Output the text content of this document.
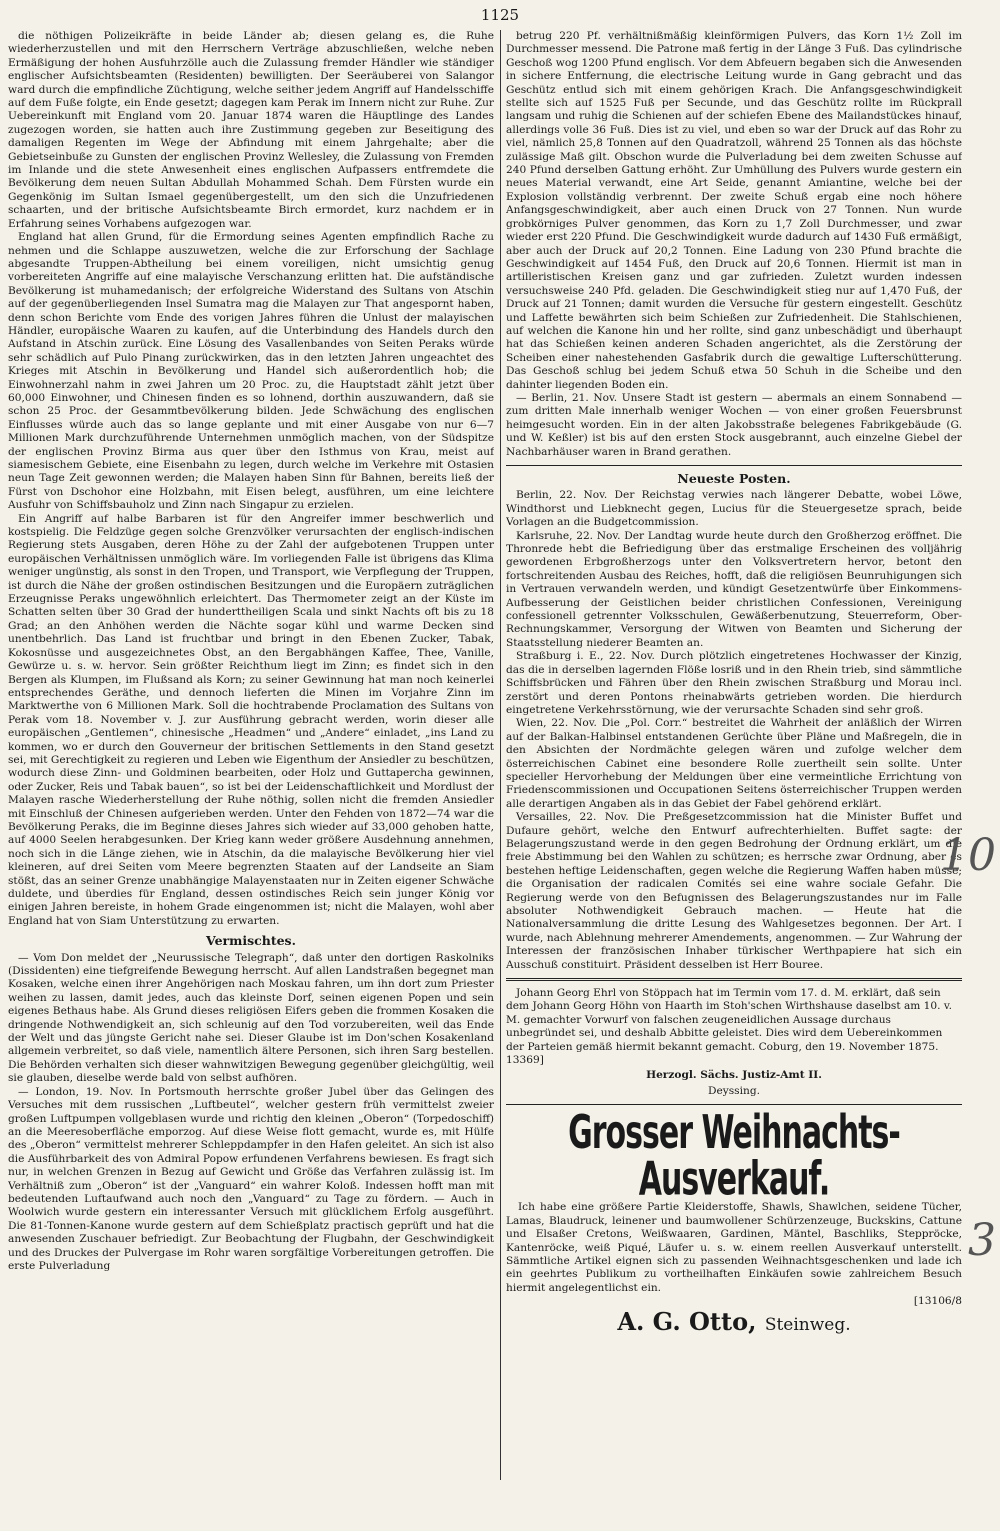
1125

die nöthigen Polizeikräfte in beide Länder ab; diesen gelang es, die Ruhe wiederherzustellen und mit den Herrschern Verträge abzuschließen, welche neben Ermäßigung der hohen Ausfuhrzölle auch die Zulassung fremder Händler wie ständiger englischer Aufsichtsbeamten (Residenten) bewilligten. Der Seeräuberei von Salangor ward durch die empfindliche Züchtigung, welche seither jedem Angriff auf Handelsschiffe auf dem Fuße folgte, ein Ende gesetzt; dagegen kam Perak im Innern nicht zur Ruhe. Zur Uebereinkunft mit England vom 20. Januar 1874 waren die Häuptlinge des Landes zugezogen worden, sie hatten auch ihre Zustimmung gegeben zur Beseitigung des damaligen Regenten im Wege der Abfindung mit einem Jahrgehalte; aber die Gebietseinbuße zu Gunsten der englischen Provinz Wellesley, die Zulassung von Fremden im Inlande und die stete Anwesenheit eines englischen Aufpassers entfremdete die Bevölkerung dem neuen Sultan Abdullah Mohammed Schah. Dem Fürsten wurde ein Gegenkönig im Sultan Ismael gegenübergestellt, um den sich die Unzufriedenen schaarten, und der britische Aufsichtsbeamte Birch ermordet, kurz nachdem er in Erfahrung seines Vorhabens aufgezogen war.

England hat allen Grund, für die Ermordung seines Agenten empfindlich Rache zu nehmen und die Schlappe auszuwetzen, welche die zur Erforschung der Sachlage abgesandte Truppen-Abtheilung bei einem voreiligen, nicht umsichtig genug vorbereiteten Angriffe auf eine malayische Verschanzung erlitten hat. Die aufständische Bevölkerung ist muhamedanisch; der erfolgreiche Widerstand des Sultans von Atschin auf der gegenüberliegenden Insel Sumatra mag die Malayen zur That angespornt haben, denn schon Berichte vom Ende des vorigen Jahres führen die Unlust der malayischen Händler, europäische Waaren zu kaufen, auf die Unterbindung des Handels durch den Aufstand in Atschin zurück. Eine Lösung des Vasallenbandes von Seiten Peraks würde sehr schädlich auf Pulo Pinang zurückwirken, das in den letzten Jahren ungeachtet des Krieges mit Atschin in Bevölkerung und Handel sich außerordentlich hob; die Einwohnerzahl nahm in zwei Jahren um 20 Proc. zu, die Hauptstadt zählt jetzt über 60,000 Einwohner, und Chinesen finden es so lohnend, dorthin auszuwandern, daß sie schon 25 Proc. der Gesammtbevölkerung bilden. Jede Schwächung des englischen Einflusses würde auch das so lange geplante und mit einer Ausgabe von nur 6—7 Millionen Mark durchzuführende Unternehmen unmöglich machen, von der Südspitze der englischen Provinz Birma aus quer über den Isthmus von Krau, meist auf siamesischem Gebiete, eine Eisenbahn zu legen, durch welche im Verkehre mit Ostasien neun Tage Zeit gewonnen werden; die Malayen haben Sinn für Bahnen, bereits ließ der Fürst von Dschohor eine Holzbahn, mit Eisen belegt, ausführen, um eine leichtere Ausfuhr von Schiffsbauholz und Zinn nach Singapur zu erzielen.

Ein Angriff auf halbe Barbaren ist für den Angreifer immer beschwerlich und kostspielig. Die Feldzüge gegen solche Grenzvölker verursachten der englisch-indischen Regierung stets Ausgaben, deren Höhe zu der Zahl der aufgebotenen Truppen unter europäischen Verhältnissen unmöglich wäre. Im vorliegenden Falle ist übrigens das Klima weniger ungünstig, als sonst in den Tropen, und Transport, wie Verpflegung der Truppen, ist durch die Nähe der großen ostindischen Besitzungen und die Europäern zuträglichen Erzeugnisse Peraks ungewöhnlich erleichtert. Das Thermometer zeigt an der Küste im Schatten selten über 30 Grad der hunderttheiligen Scala und sinkt Nachts oft bis zu 18 Grad; an den Anhöhen werden die Nächte sogar kühl und warme Decken sind unentbehrlich. Das Land ist fruchtbar und bringt in den Ebenen Zucker, Tabak, Kokosnüsse und ausgezeichnetes Obst, an den Bergabhängen Kaffee, Thee, Vanille, Gewürze u. s. w. hervor. Sein größter Reichthum liegt im Zinn; es findet sich in den Bergen als Klumpen, im Flußsand als Korn; zu seiner Gewinnung hat man noch keinerlei entsprechendes Geräthe, und dennoch lieferten die Minen im Vorjahre Zinn im Marktwerthe von 6 Millionen Mark. Soll die hochtrabende Proclamation des Sultans von Perak vom 18. November v. J. zur Ausführung gebracht werden, worin dieser alle europäischen „Gentlemen“, chinesische „Headmen“ und „Andere“ einladet, „ins Land zu kommen, wo er durch den Gouverneur der britischen Settlements in den Stand gesetzt sei, mit Gerechtigkeit zu regieren und Leben wie Eigenthum der Ansiedler zu beschützen, wodurch diese Zinn- und Goldminen bearbeiten, oder Holz und Guttapercha gewinnen, oder Zucker, Reis und Tabak bauen“, so ist bei der Leidenschaftlichkeit und Mordlust der Malayen rasche Wiederherstellung der Ruhe nöthig, sollen nicht die fremden Ansiedler mit Einschluß der Chinesen aufgerieben werden. Unter den Fehden von 1872—74 war die Bevölkerung Peraks, die im Beginne dieses Jahres sich wieder auf 33,000 gehoben hatte, auf 4000 Seelen herabgesunken. Der Krieg kann weder größere Ausdehnung annehmen, noch sich in die Länge ziehen, wie in Atschin, da die malayische Bevölkerung hier viel kleineren, auf drei Seiten vom Meere begrenzten Staaten auf der Landseite an Siam stößt, das an seiner Grenze unabhängige Malayenstaaten nur in Zeiten eigener Schwäche duldete, und überdies für England, dessen ostindisches Reich sein junger König vor einigen Jahren bereiste, in hohem Grade eingenommen ist; nicht die Malayen, wohl aber England hat von Siam Unterstützung zu erwarten.

Vermischtes.

— Vom Don meldet der „Neurussische Telegraph“, daß unter den dortigen Raskolniks (Dissidenten) eine tiefgreifende Bewegung herrscht. Auf allen Landstraßen begegnet man Kosaken, welche einen ihrer Angehörigen nach Moskau fahren, um ihn dort zum Priester weihen zu lassen, damit jedes, auch das kleinste Dorf, seinen eigenen Popen und sein eigenes Bethaus habe. Als Grund dieses religiösen Eifers geben die frommen Kosaken die dringende Nothwendigkeit an, sich schleunig auf den Tod vorzubereiten, weil das Ende der Welt und das jüngste Gericht nahe sei. Dieser Glaube ist im Don'schen Kosakenland allgemein verbreitet, so daß viele, namentlich ältere Personen, sich ihren Sarg bestellen. Die Behörden verhalten sich dieser wahnwitzigen Bewegung gegenüber gleichgültig, weil sie glauben, dieselbe werde bald von selbst aufhören.

— London, 19. Nov. In Portsmouth herrschte großer Jubel über das Gelingen des Versuches mit dem russischen „Luftbeutel“, welcher gestern früh vermittelst zweier großen Luftpumpen vollgeblasen wurde und richtig den kleinen „Oberon“ (Torpedoschiff) an die Meeresoberfläche emporzog. Auf diese Weise flott gemacht, wurde es, mit Hülfe des „Oberon“ vermittelst mehrerer Schleppdampfer in den Hafen geleitet. An sich ist also die Ausführbarkeit des von Admiral Popow erfundenen Verfahrens bewiesen. Es fragt sich nur, in welchen Grenzen in Bezug auf Gewicht und Größe das Verfahren zulässig ist. Im Verhältniß zum „Oberon“ ist der „Vanguard“ ein wahrer Koloß. Indessen hofft man mit bedeutenden Luftaufwand auch noch den „Vanguard“ zu Tage zu fördern. — Auch in Woolwich wurde gestern ein interessanter Versuch mit glücklichem Erfolg ausgeführt. Die 81-Tonnen-Kanone wurde gestern auf dem Schießplatz practisch geprüft und hat die anwesenden Zuschauer befriedigt. Zur Beobachtung der Flugbahn, der Geschwindigkeit und des Druckes der Pulvergase im Rohr waren sorgfältige Vorbereitungen getroffen. Die erste Pulverladung

betrug 220 Pf. verhältnißmäßig kleinförmigen Pulvers, das Korn 1½ Zoll im Durchmesser messend. Die Patrone maß fertig in der Länge 3 Fuß. Das cylindrische Geschoß wog 1200 Pfund englisch. Vor dem Abfeuern begaben sich die Anwesenden in sichere Entfernung, die electrische Leitung wurde in Gang gebracht und das Geschütz entlud sich mit einem gehörigen Krach. Die Anfangsgeschwindigkeit stellte sich auf 1525 Fuß per Secunde, und das Geschütz rollte im Rückprall langsam und ruhig die Schienen auf der schiefen Ebene des Mailandstückes hinauf, allerdings volle 36 Fuß. Dies ist zu viel, und eben so war der Druck auf das Rohr zu viel, nämlich 25,8 Tonnen auf den Quadratzoll, während 25 Tonnen als das höchste zulässige Maß gilt. Obschon wurde die Pulverladung bei dem zweiten Schusse auf 240 Pfund derselben Gattung erhöht. Zur Umhüllung des Pulvers wurde gestern ein neues Material verwandt, eine Art Seide, genannt Amiantine, welche bei der Explosion vollständig verbrennt. Der zweite Schuß ergab eine noch höhere Anfangsgeschwindigkeit, aber auch einen Druck von 27 Tonnen. Nun wurde grobkörniges Pulver genommen, das Korn zu 1,7 Zoll Durchmesser, und zwar wieder erst 220 Pfund. Die Geschwindigkeit wurde dadurch auf 1430 Fuß ermäßigt, aber auch der Druck auf 20,2 Tonnen. Eine Ladung von 230 Pfund brachte die Geschwindigkeit auf 1454 Fuß, den Druck auf 20,6 Tonnen. Hiermit ist man in artilleristischen Kreisen ganz und gar zufrieden. Zuletzt wurden indessen versuchsweise 240 Pfd. geladen. Die Geschwindigkeit stieg nur auf 1,470 Fuß, der Druck auf 21 Tonnen; damit wurden die Versuche für gestern eingestellt. Geschütz und Laffette bewährten sich beim Schießen zur Zufriedenheit. Die Stahlschienen, auf welchen die Kanone hin und her rollte, sind ganz unbeschädigt und überhaupt hat das Schießen keinen anderen Schaden angerichtet, als die Zerstörung der Scheiben einer nahestehenden Gasfabrik durch die gewaltige Lufterschütterung. Das Geschoß schlug bei jedem Schuß etwa 50 Schuh in die Scheibe und den dahinter liegenden Boden ein.

— Berlin, 21. Nov. Unsere Stadt ist gestern — abermals an einem Sonnabend — zum dritten Male innerhalb weniger Wochen — von einer großen Feuersbrunst heimgesucht worden. Ein in der alten Jakobsstraße belegenes Fabrikgebäude (G. und W. Keßler) ist bis auf den ersten Stock ausgebrannt, auch einzelne Giebel der Nachbarhäuser waren in Brand gerathen.

Neueste Posten.

Berlin, 22. Nov. Der Reichstag verwies nach längerer Debatte, wobei Löwe, Windthorst und Liebknecht gegen, Lucius für die Steuergesetze sprach, beide Vorlagen an die Budgetcommission.

Karlsruhe, 22. Nov. Der Landtag wurde heute durch den Großherzog eröffnet. Die Thronrede hebt die Befriedigung über das erstmalige Erscheinen des volljährig gewordenen Erbgroßherzogs unter den Volksvertretern hervor, betont den fortschreitenden Ausbau des Reiches, hofft, daß die religiösen Beunruhigungen sich in Vertrauen verwandeln werden, und kündigt Gesetzentwürfe über Einkommens-Aufbesserung der Geistlichen beider christlichen Confessionen, Vereinigung confessionell getrennter Volksschulen, Gewäßerbenutzung, Steuerreform, Ober-Rechnungskammer, Versorgung der Witwen von Beamten und Sicherung der Staatsstellung niederer Beamten an.

Straßburg i. E., 22. Nov. Durch plötzlich eingetretenes Hochwasser der Kinzig, das die in derselben lagernden Flöße losriß und in den Rhein trieb, sind sämmtliche Schiffsbrücken und Fähren über den Rhein zwischen Straßburg und Morau incl. zerstört und deren Pontons rheinabwärts getrieben worden. Die hierdurch eingetretene Verkehrsstörnung, wie der verursachte Schaden sind sehr groß.

Wien, 22. Nov. Die „Pol. Corr.“ bestreitet die Wahrheit der anläßlich der Wirren auf der Balkan-Halbinsel entstandenen Gerüchte über Pläne und Maßregeln, die in den Absichten der Nordmächte gelegen wären und zufolge welcher dem österreichischen Cabinet eine besondere Rolle zuertheilt sein sollte. Unter specieller Hervorhebung der Meldungen über eine vermeintliche Errichtung von Friedenscommissionen und Occupationen Seitens österreichischer Truppen werden alle derartigen Angaben als in das Gebiet der Fabel gehörend erklärt.

Versailles, 22. Nov. Die Preßgesetzcommission hat die Minister Buffet und Dufaure gehört, welche den Entwurf aufrechterhielten. Buffet sagte: der Belagerungszustand werde in den gegen Bedrohung der Ordnung erklärt, um die freie Abstimmung bei den Wahlen zu schützen; es herrsche zwar Ordnung, aber es bestehen heftige Leidenschaften, gegen welche die Regierung Waffen haben müsse; die Organisation der radicalen Comités sei eine wahre sociale Gefahr. Die Regierung werde von den Befugnissen des Belagerungszustandes nur im Falle absoluter Nothwendigkeit Gebrauch machen. — Heute hat die Nationalversammlung die dritte Lesung des Wahlgesetzes begonnen. Der Art. I wurde, nach Ablehnung mehrerer Amendements, angenommen. — Zur Wahrung der Interessen der französischen Inhaber türkischer Werthpapiere hat sich ein Ausschuß constituirt. Präsident desselben ist Herr Bouree.

Johann Georg Ehrl von Stöppach hat im Termin vom 17. d. M. erklärt, daß sein dem Johann Georg Höhn von Haarth im Stoh'schen Wirthshause daselbst am 10. v. M. gemachter Vorwurf von falschen zeugeneidlichen Aussage durchaus unbegründet sei, und deshalb Abbitte geleistet. Dies wird dem Uebereinkommen der Parteien gemäß hiermit bekannt gemacht. Coburg, den 19. November 1875.

13369]
Herzogl. Sächs. Justiz-Amt II.
Deyssing.
Grosser Weihnachts-Ausverkauf.

Ich habe eine größere Partie Kleiderstoffe, Shawls, Shawlchen, seidene Tücher, Lamas, Blaudruck, leinener und baumwollener Schürzenzeuge, Buckskins, Cattune und Elsaßer Cretons, Weißwaaren, Gardinen, Mäntel, Baschliks, Steppröcke, Kantenröcke, weiß Piqué, Läufer u. s. w. einem reellen Ausverkauf unterstellt. Sämmtliche Artikel eignen sich zu passenden Weihnachtsgeschenken und lade ich ein geehrtes Publikum zu vortheilhaften Einkäufen sowie zahlreichem Besuch hiermit angelegentlichst ein.

[13106/8
A. G. Otto, Steinweg.
10
3
